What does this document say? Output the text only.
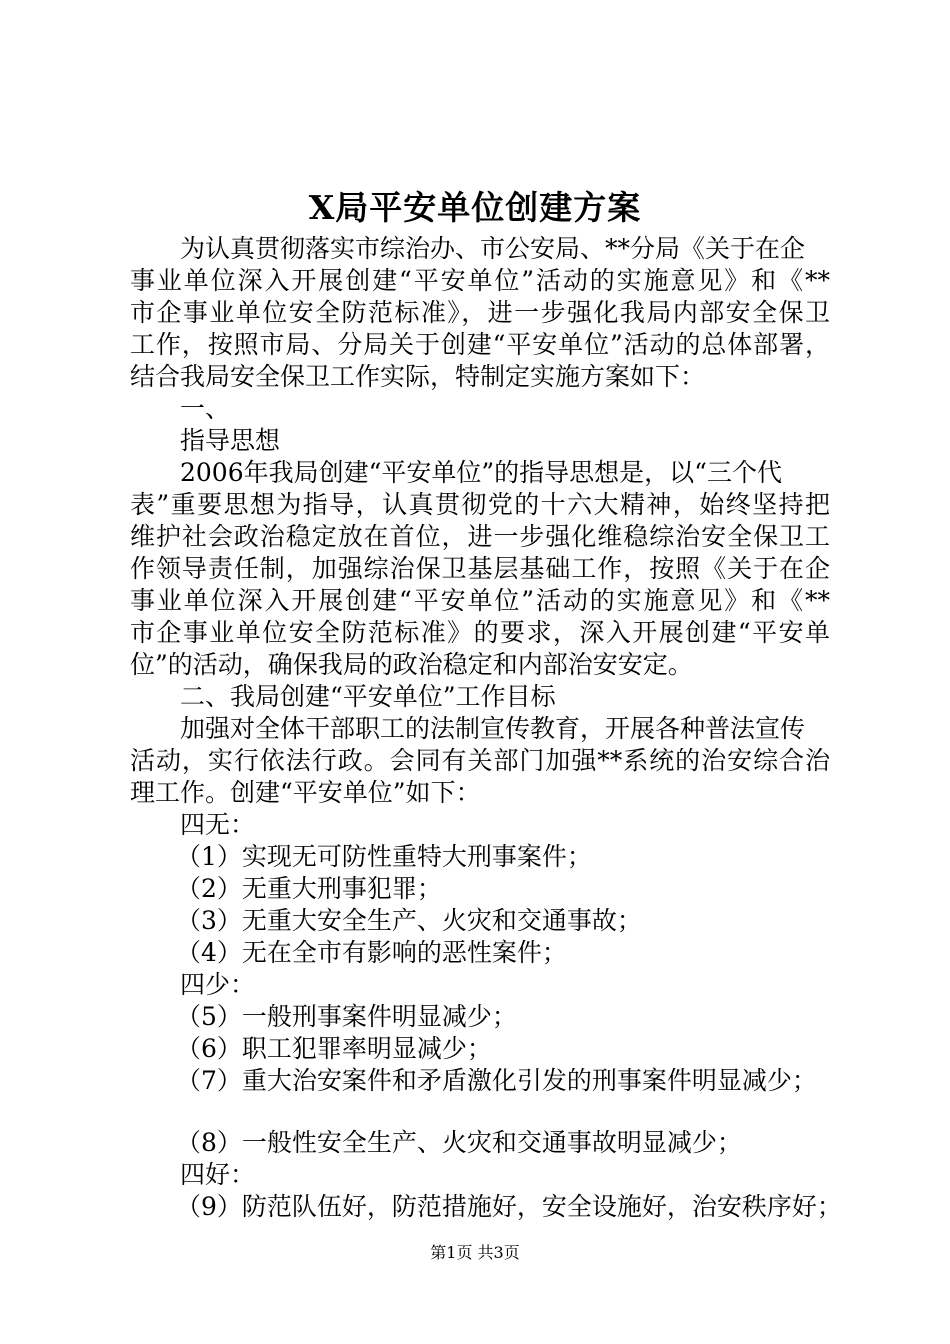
X局平安单位创建方案
为认真贯彻落实市综治办、市公安局、**分局《关于在企
事业单位深入开展创建“平安单位”活动的实施意见》和《**
市企事业单位安全防范标准》，进一步强化我局内部安全保卫
工作，按照市局、分局关于创建“平安单位”活动的总体部署，
结合我局安全保卫工作实际，特制定实施方案如下：
一、
指导思想
2006年我局创建“平安单位”的指导思想是，以“三个代
表”重要思想为指导，认真贯彻党的十六大精神，始终坚持把
维护社会政治稳定放在首位，进一步强化维稳综治安全保卫工
作领导责任制，加强综治保卫基层基础工作，按照《关于在企
事业单位深入开展创建“平安单位”活动的实施意见》和《**
市企事业单位安全防范标准》的要求，深入开展创建“平安单
位”的活动，确保我局的政治稳定和内部治安安定。
二、我局创建“平安单位”工作目标
加强对全体干部职工的法制宣传教育，开展各种普法宣传
活动，实行依法行政。会同有关部门加强**系统的治安综合治
理工作。创建“平安单位”如下：
四无：
（1）实现无可防性重特大刑事案件；
（2）无重大刑事犯罪；
（3）无重大安全生产、火灾和交通事故；
（4）无在全市有影响的恶性案件；
四少：
（5）一般刑事案件明显减少；
（6）职工犯罪率明显减少；
（7）重大治安案件和矛盾激化引发的刑事案件明显减少；
（8）一般性安全生产、火灾和交通事故明显减少；
四好：
（9）防范队伍好，防范措施好，安全设施好，治安秩序好；
第1页 共3页
